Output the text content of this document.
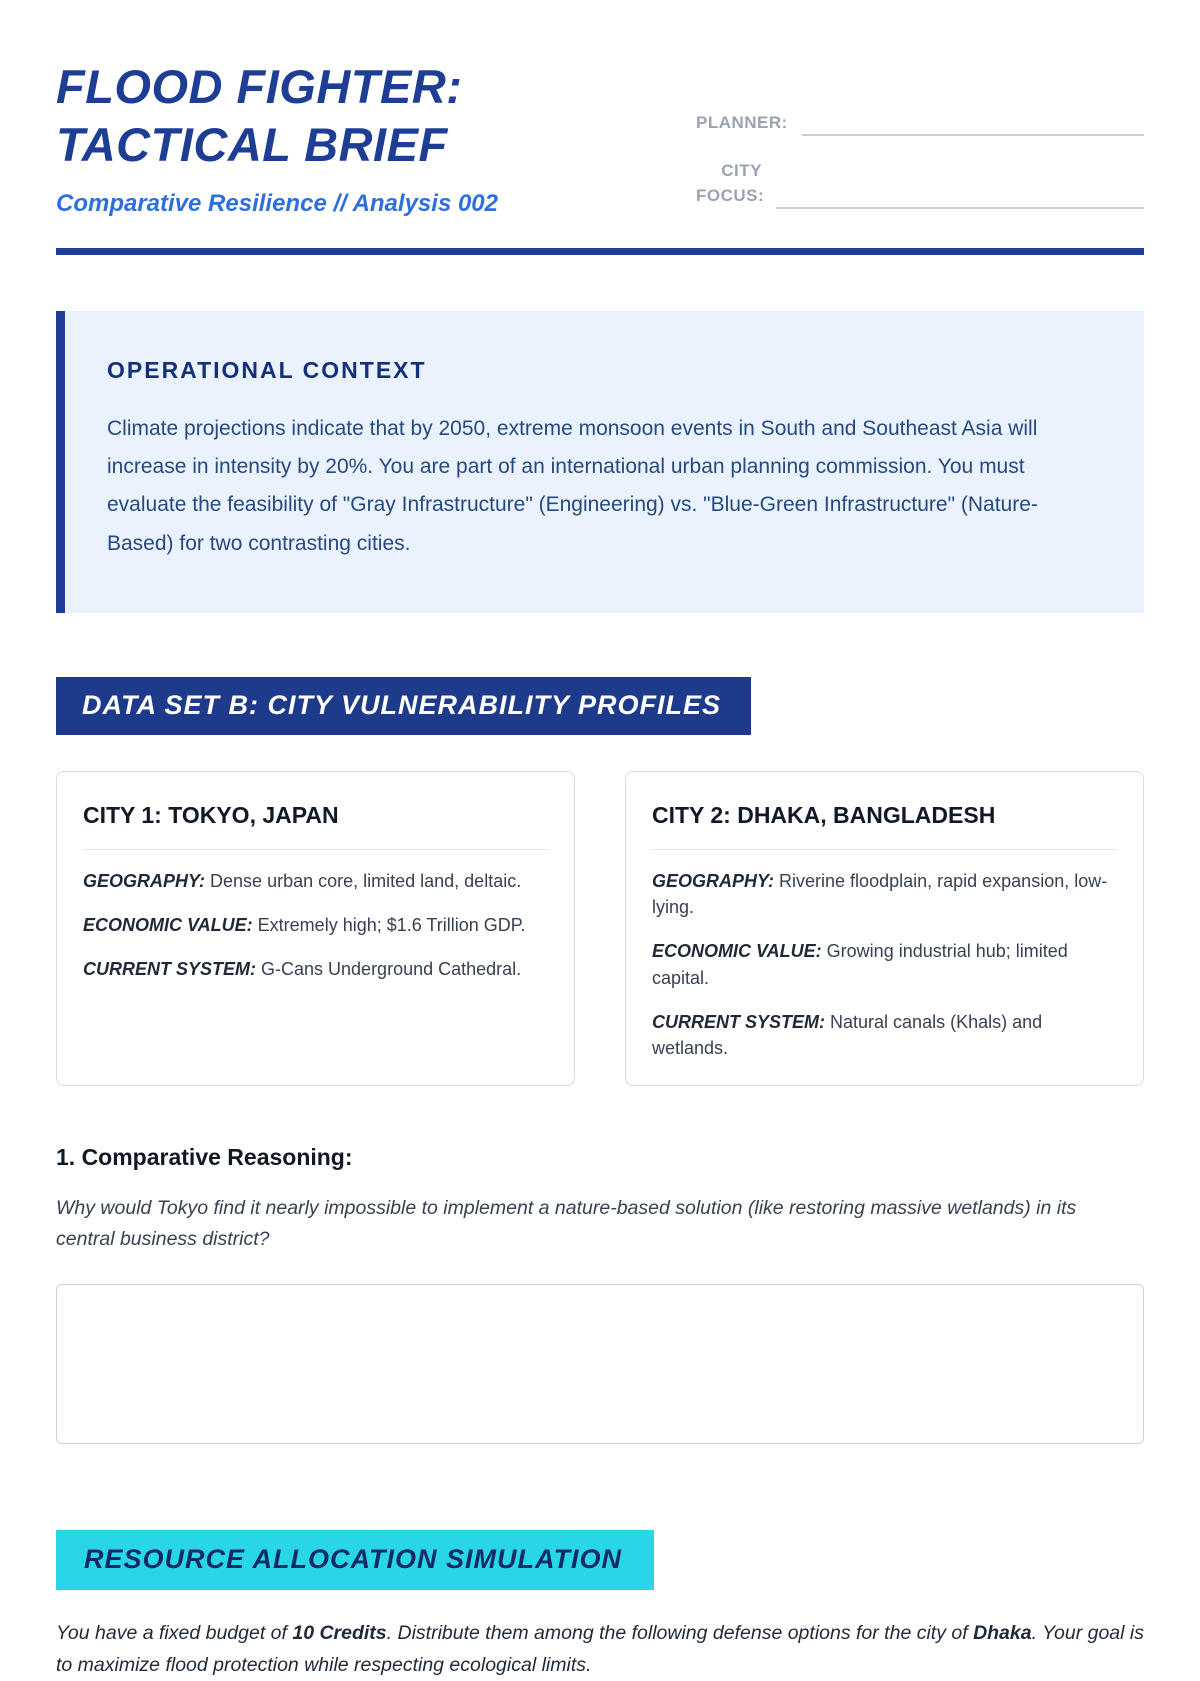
FLOOD FIGHTER:
TACTICAL BRIEF
Comparative Resilience // Analysis 002
PLANNER:
CITY FOCUS:
OPERATIONAL CONTEXT

Climate projections indicate that by 2050, extreme monsoon events in South and Southeast Asia will increase in intensity by 20%. You are part of an international urban planning commission. You must evaluate the feasibility of "Gray Infrastructure" (Engineering) vs. "Blue-Green Infrastructure" (Nature-Based) for two contrasting cities.

DATA SET B: CITY VULNERABILITY PROFILES
CITY 1: TOKYO, JAPAN

GEOGRAPHY: Dense urban core, limited land, deltaic.

ECONOMIC VALUE: Extremely high; $1.6 Trillion GDP.

CURRENT SYSTEM: G-Cans Underground Cathedral.

CITY 2: DHAKA, BANGLADESH

GEOGRAPHY: Riverine floodplain, rapid expansion, low-lying.

ECONOMIC VALUE: Growing industrial hub; limited capital.

CURRENT SYSTEM: Natural canals (Khals) and wetlands.

1. Comparative Reasoning:

Why would Tokyo find it nearly impossible to implement a nature-based solution (like restoring massive wetlands) in its central business district?

RESOURCE ALLOCATION SIMULATION

You have a fixed budget of 10 Credits. Distribute them among the following defense options for the city of Dhaka. Your goal is to maximize flood protection while respecting ecological limits.
